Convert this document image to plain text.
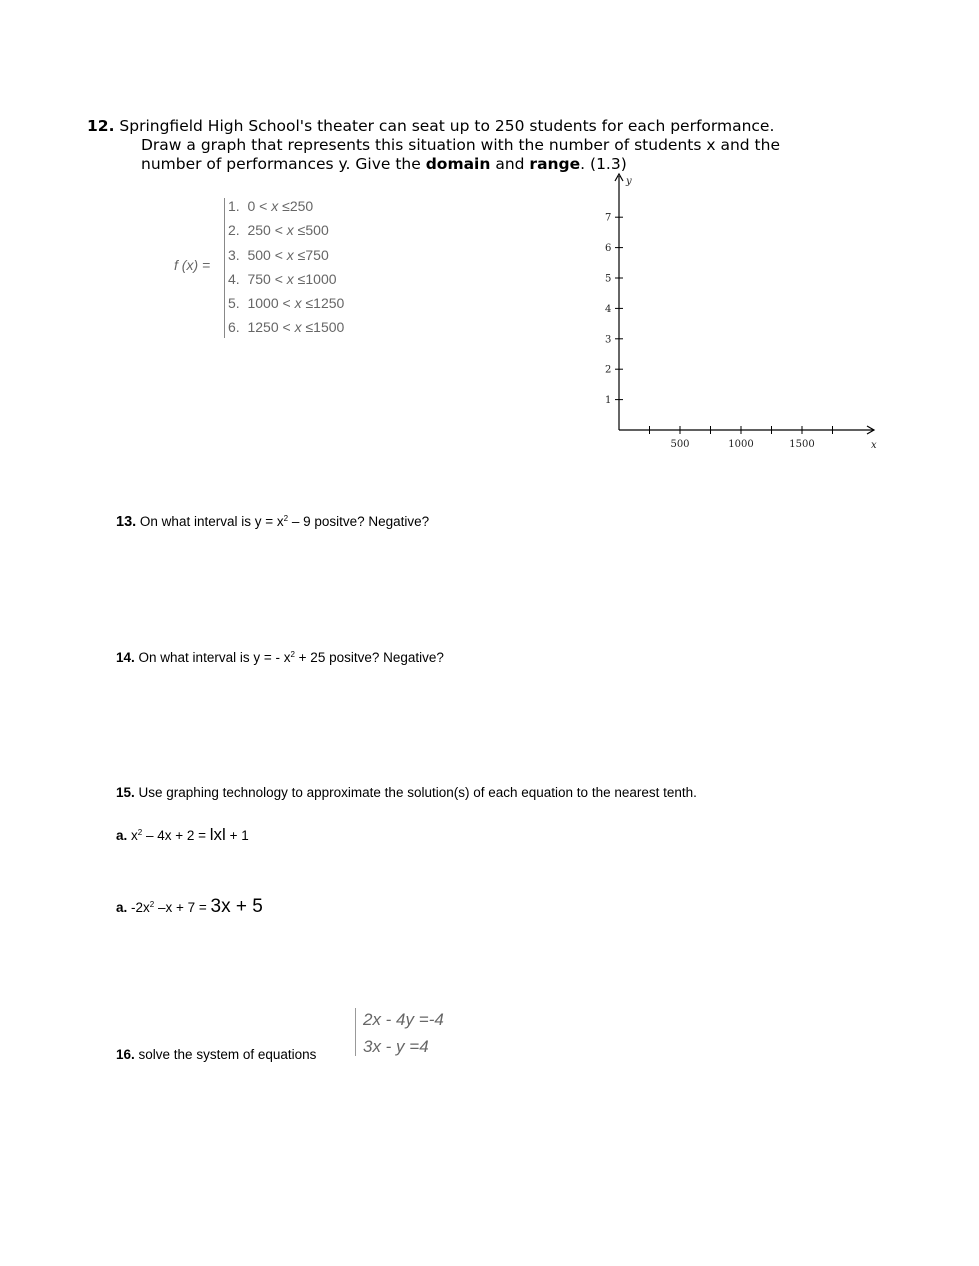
12. Springfield High School's theater can seat up to 250 students for each performance.
Draw a graph that represents this situation with the number of students x and the
number of performances y. Give the domain and range. (1.3)
f (x) =
1. 0 < x ≤250
2. 250 < x ≤500
3. 500 < x ≤750
4. 750 < x ≤1000
5. 1000 < x ≤1250
6. 1250 < x ≤1500
y
x
1
2
3
4
5
6
7
500	1000	1500
13. On what interval is $y = x^2 - 9$ positve? Negative?
14. On what interval is y = - $x^2 + 25$ positve? Negative?
15. Use graphing technology to approximate the solution(s) of each equation to the nearest tenth.
a. $x^2 - 4x + 2$ = lxl + 1
a. $-2x^2$ –x + 7 = 3x + 5
16. solve the system of equations
2x - 4y =-4
3x - y =4
